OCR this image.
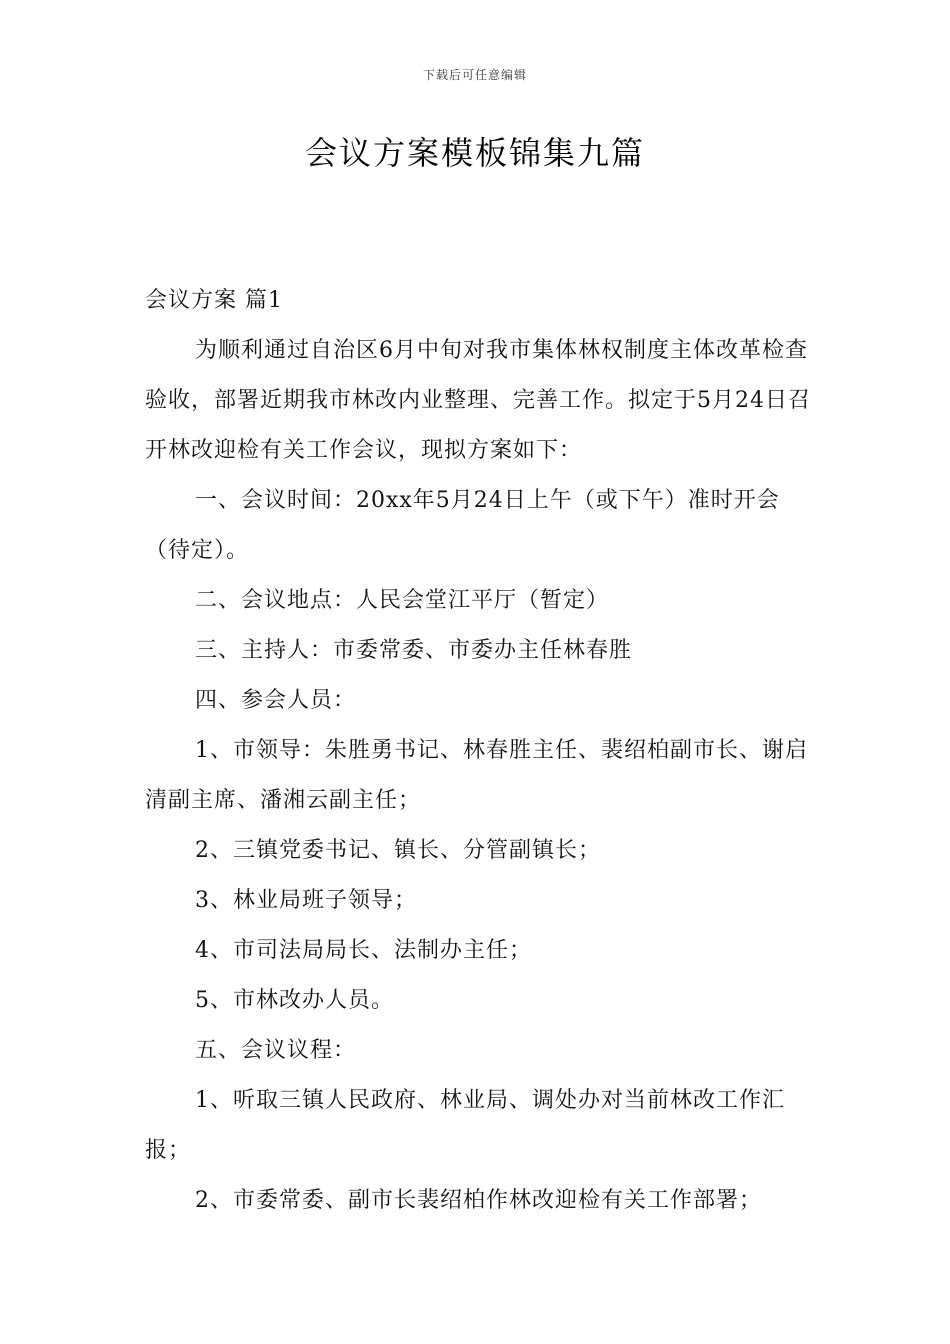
下载后可任意编辑
会议方案模板锦集九篇

会议方案 篇1

为顺利通过自治区6月中旬对我市集体林权制度主体改革检查验收，部署近期我市林改内业整理、完善工作。拟定于5月24日召开林改迎检有关工作会议，现拟方案如下：

一、会议时间：20xx年5月24日上午（或下午）准时开会（待定）。

二、会议地点：人民会堂江平厅（暂定）

三、主持人：市委常委、市委办主任林春胜

四、参会人员：

1、市领导：朱胜勇书记、林春胜主任、裴绍柏副市长、谢启清副主席、潘湘云副主任；

2、三镇党委书记、镇长、分管副镇长；

3、林业局班子领导；

4、市司法局局长、法制办主任；

5、市林改办人员。

五、会议议程：

1、听取三镇人民政府、林业局、调处办对当前林改工作汇报；

2、市委常委、副市长裴绍柏作林改迎检有关工作部署；
